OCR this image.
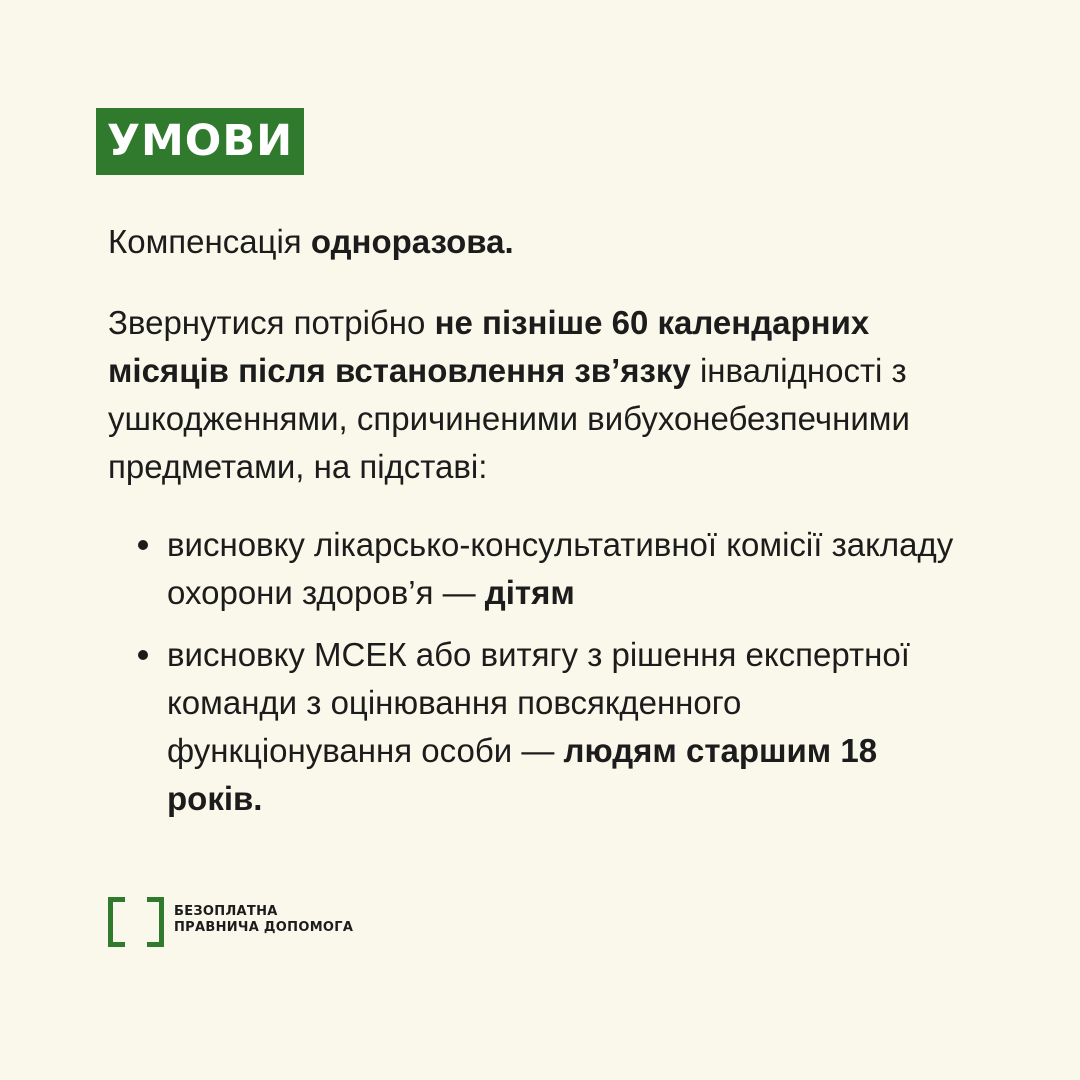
УМОВИ

Компенсація одноразова.

Звернутися потрібно не пізніше 60 календарних місяців після встановлення зв’язку інвалідності з ушкодженнями, спричиненими вибухонебезпечними предметами, на підставі:

висновку лікарсько-консультативної комісії закладу охорони здоров’я — дітям
висновку МСЕК або витягу з рішення експертної команди з оцінювання повсякденного функціонування особи — людям старшим 18 років.
БЕЗОПЛАТНА
ПРАВНИЧА ДОПОМОГА
